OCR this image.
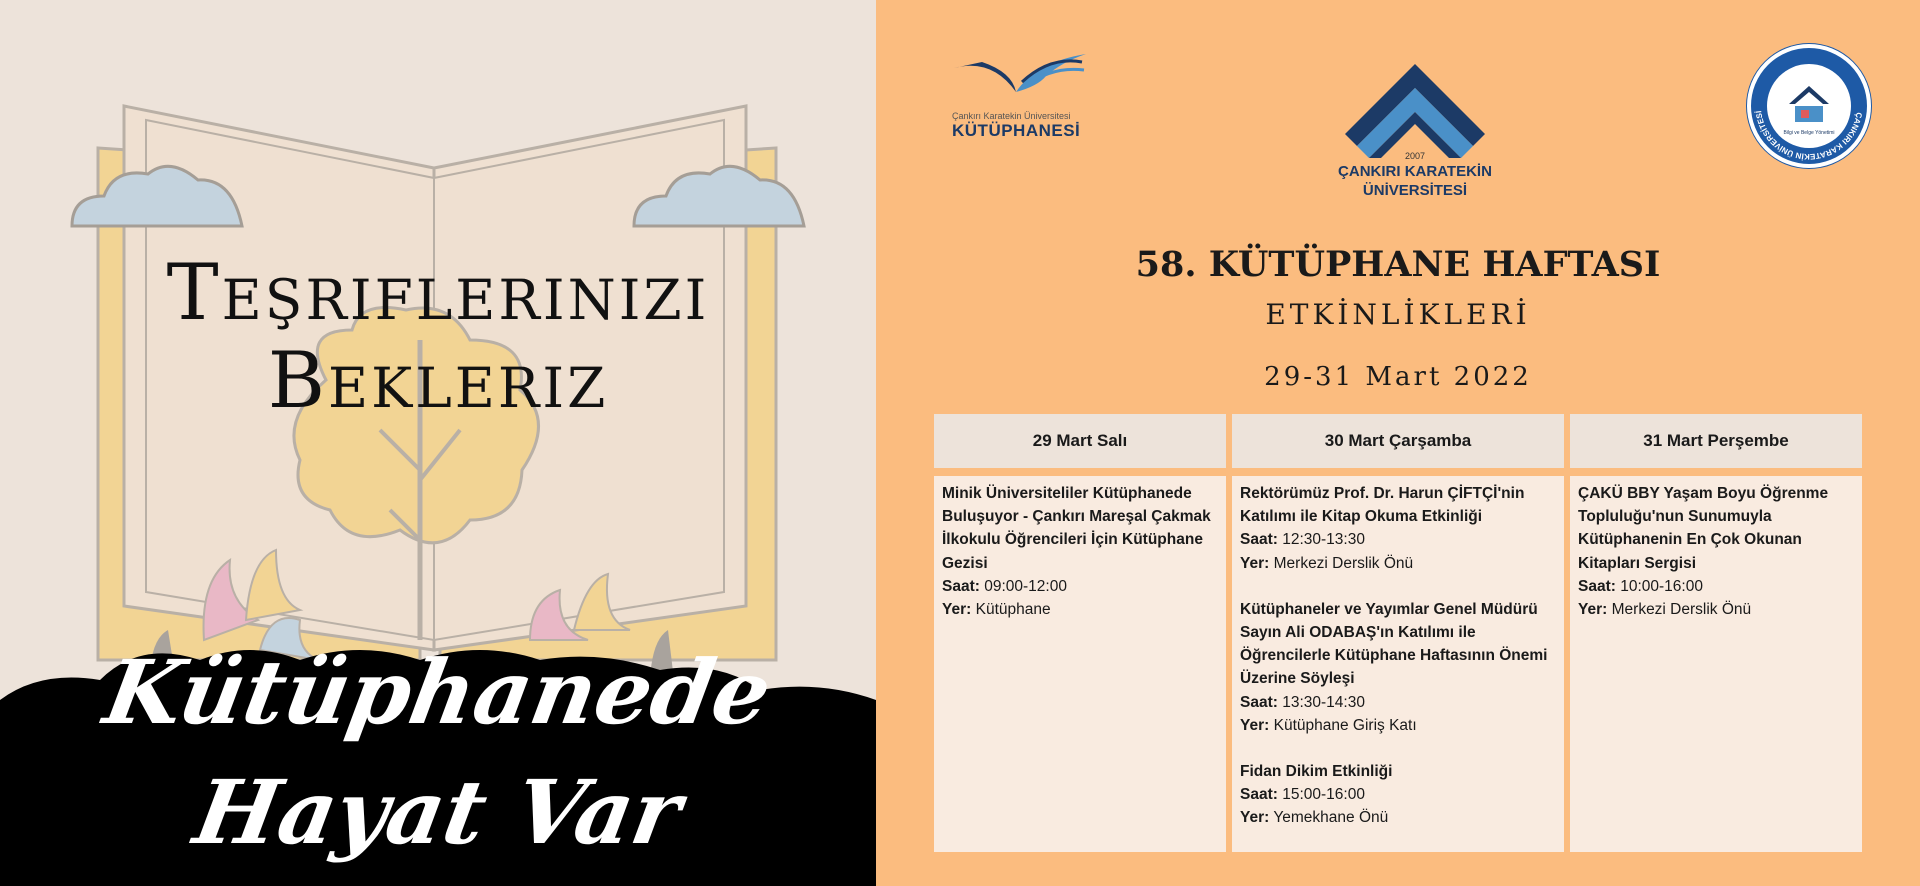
Teşriflerinizi
Bekleriz
Kütüphanede
Hayat Var
Çankırı Karatekin Üniversitesi
KÜTÜPHANESİ
2007
ÇANKIRI KARATEKİN
ÜNİVERSİTESİ
Bilgi ve Belge Yönetimi
ÇANKIRI KARATEKİN ÜNİVERSİTESİ
58. KÜTÜPHANE HAFTASI
ETKİNLİKLERİ
29-31 Mart 2022
29 Mart Salı
Minik Üniversiteliler Kütüphanede
Buluşuyor - Çankırı Mareşal Çakmak
İlkokulu Öğrencileri İçin Kütüphane
Gezisi
Saat: 09:00-12:00
Yer: Kütüphane
30 Mart Çarşamba
Rektörümüz Prof. Dr. Harun ÇİFTÇİ'nin
Katılımı ile Kitap Okuma Etkinliği
Saat: 12:30-13:30
Yer: Merkezi Derslik Önü
Kütüphaneler ve Yayımlar Genel Müdürü
Sayın Ali ODABAŞ'ın Katılımı ile
Öğrencilerle Kütüphane Haftasının Önemi
Üzerine Söyleşi
Saat: 13:30-14:30
Yer: Kütüphane Giriş Katı
Fidan Dikim Etkinliği
Saat: 15:00-16:00
Yer: Yemekhane Önü
31 Mart Perşembe
ÇAKÜ BBY Yaşam Boyu Öğrenme
Topluluğu'nun Sunumuyla
Kütüphanenin En Çok Okunan
Kitapları Sergisi
Saat: 10:00-16:00
Yer: Merkezi Derslik Önü
